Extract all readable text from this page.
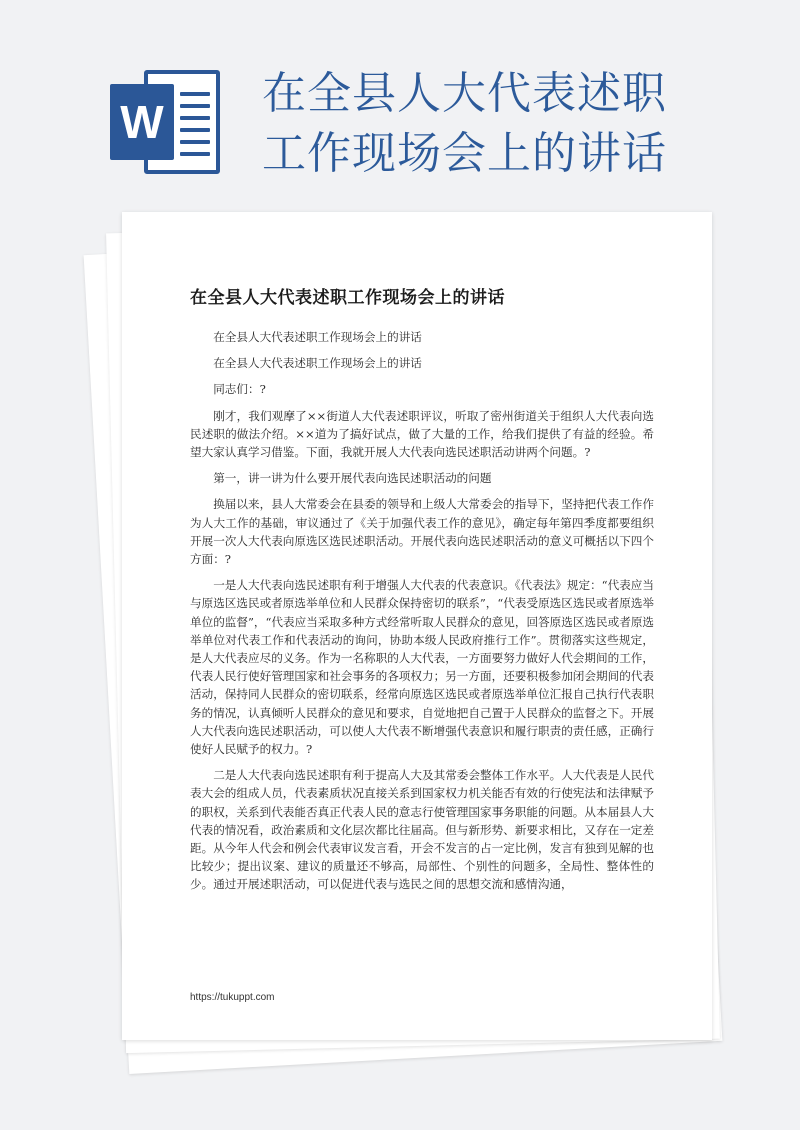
W
在全县人大代表述职工作现场会上的讲话
在全县人大代表述职工作现场会上的讲话

在全县人大代表述职工作现场会上的讲话

在全县人大代表述职工作现场会上的讲话

同志们：?

刚才，我们观摩了××街道人大代表述职评议，听取了密州街道关于组织人大代表向选民述职的做法介绍。××道为了搞好试点，做了大量的工作，给我们提供了有益的经验。希望大家认真学习借鉴。下面，我就开展人大代表向选民述职活动讲两个问题。?

第一，讲一讲为什么要开展代表向选民述职活动的问题

换届以来，县人大常委会在县委的领导和上级人大常委会的指导下，坚持把代表工作作为人大工作的基础，审议通过了《关于加强代表工作的意见》，确定每年第四季度都要组织开展一次人大代表向原选区选民述职活动。开展代表向选民述职活动的意义可概括以下四个方面：?

一是人大代表向选民述职有利于增强人大代表的代表意识。《代表法》规定：“代表应当与原选区选民或者原选举单位和人民群众保持密切的联系”，“代表受原选区选民或者原选举单位的监督”，“代表应当采取多种方式经常听取人民群众的意见，回答原选区选民或者原选举单位对代表工作和代表活动的询问，协助本级人民政府推行工作”。贯彻落实这些规定，是人大代表应尽的义务。作为一名称职的人大代表，一方面要努力做好人代会期间的工作，代表人民行使好管理国家和社会事务的各项权力；另一方面，还要积极参加闭会期间的代表活动，保持同人民群众的密切联系，经常向原选区选民或者原选举单位汇报自己执行代表职务的情况，认真倾听人民群众的意见和要求，自觉地把自己置于人民群众的监督之下。开展人大代表向选民述职活动，可以使人大代表不断增强代表意识和履行职责的责任感，正确行使好人民赋予的权力。?

二是人大代表向选民述职有利于提高人大及其常委会整体工作水平。人大代表是人民代表大会的组成人员，代表素质状况直接关系到国家权力机关能否有效的行使宪法和法律赋予的职权，关系到代表能否真正代表人民的意志行使管理国家事务职能的问题。从本届县人大代表的情况看，政治素质和文化层次都比往届高。但与新形势、新要求相比，又存在一定差距。从今年人代会和例会代表审议发言看，开会不发言的占一定比例，发言有独到见解的也比较少；提出议案、建议的质量还不够高，局部性、个别性的问题多，全局性、整体性的少。通过开展述职活动，可以促进代表与选民之间的思想交流和感情沟通，

https://tukuppt.com
